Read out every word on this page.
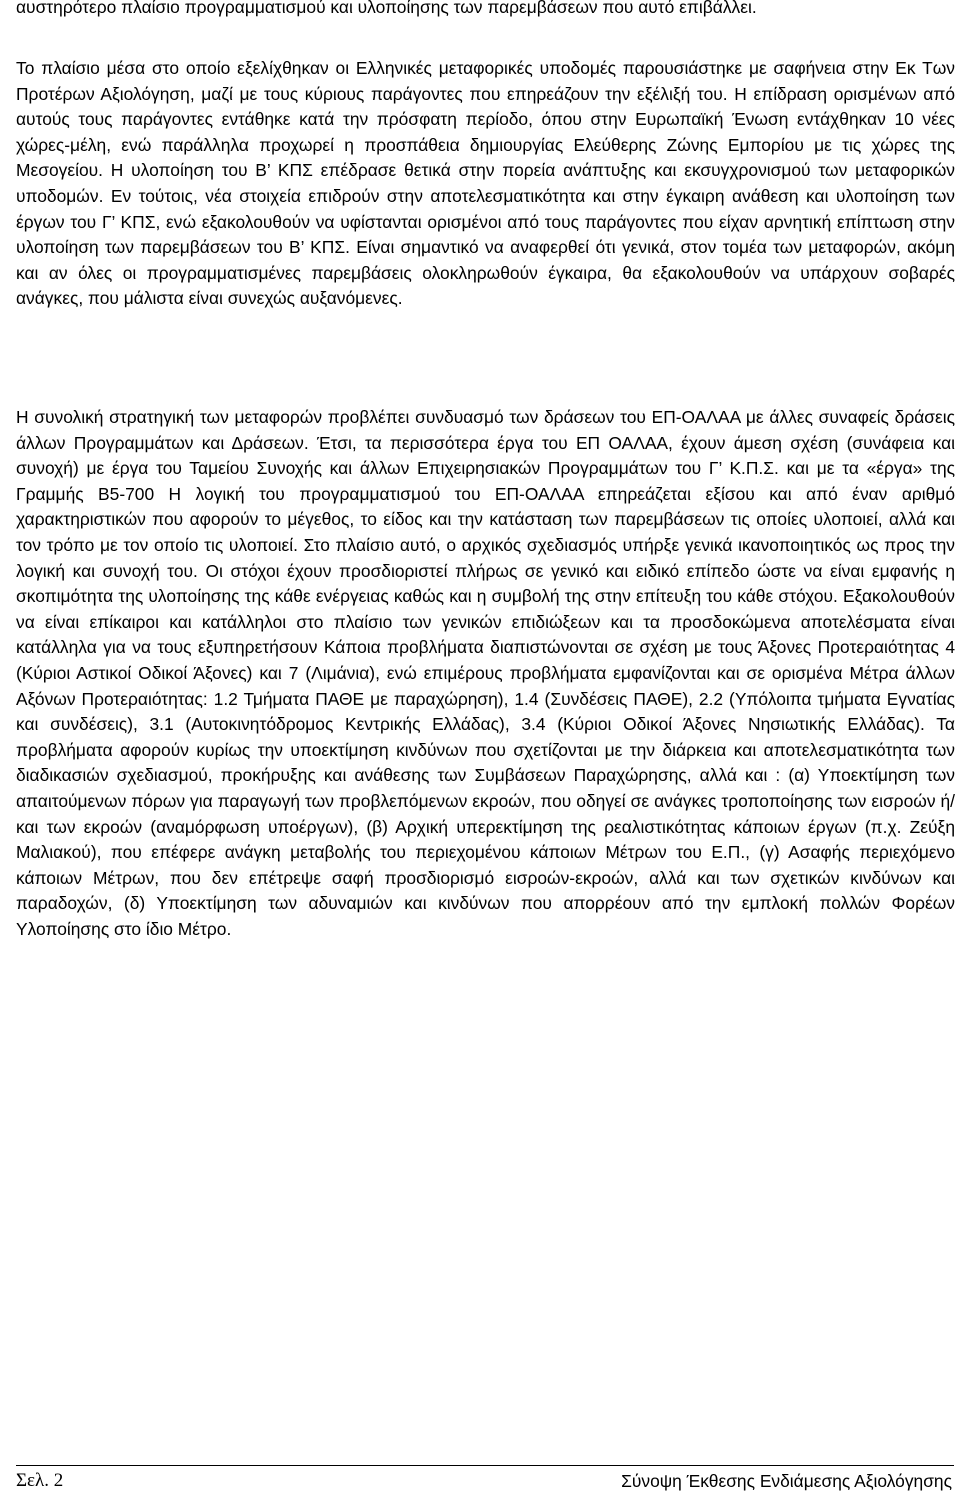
αυστηρότερο πλαίσιο προγραμματισμού και υλοποίησης των παρεμβάσεων που αυτό επιβάλλει.

Το πλαίσιο μέσα στο οποίο εξελίχθηκαν οι Ελληνικές μεταφορικές υποδομές παρουσιάστηκε με σαφήνεια στην Εκ Των Προτέρων Αξιολόγηση, μαζί με τους κύριους παράγοντες που επηρεάζουν την εξέλιξή του. Η επίδραση ορισμένων από αυτούς τους παράγοντες εντάθηκε κατά την πρόσφατη περίοδο, όπου στην Ευρωπαϊκή Ένωση εντάχθηκαν 10 νέες χώρες-μέλη, ενώ παράλληλα προχωρεί η προσπάθεια δημιουργίας Ελεύθερης Ζώνης Εμπορίου με τις χώρες της Μεσογείου. Η υλοποίηση του Β’ ΚΠΣ επέδρασε θετικά στην πορεία ανάπτυξης και εκσυγχρονισμού των μεταφορικών υποδομών. Εν τούτοις, νέα στοιχεία επιδρούν στην αποτελεσματικότητα και στην έγκαιρη ανάθεση και υλοποίηση των έργων του Γ’ ΚΠΣ, ενώ εξακολουθούν να υφίστανται ορισμένοι από τους παράγοντες που είχαν αρνητική επίπτωση στην υλοποίηση των παρεμβάσεων του Β’ ΚΠΣ. Είναι σημαντικό να αναφερθεί ότι γενικά, στον τομέα των μεταφορών, ακόμη και αν όλες οι προγραμματισμένες παρεμβάσεις ολοκληρωθούν έγκαιρα, θα εξακολουθούν να υπάρχουν σοβαρές ανάγκες, που μάλιστα είναι συνεχώς αυξανόμενες.

Η συνολική στρατηγική των μεταφορών προβλέπει συνδυασμό των δράσεων του ΕΠ-ΟΑΛΑΑ με άλλες συναφείς δράσεις άλλων Προγραμμάτων και Δράσεων. Έτσι, τα περισσότερα έργα του ΕΠ ΟΑΛΑΑ, έχουν άμεση σχέση (συνάφεια και συνοχή) με έργα του Ταμείου Συνοχής και άλλων Επιχειρησιακών Προγραμμάτων του Γ’ Κ.Π.Σ. και με τα «έργα» της Γραμμής Β5-700 Η λογική του προγραμματισμού του ΕΠ-ΟΑΛΑΑ επηρεάζεται εξίσου και από έναν αριθμό χαρακτηριστικών που αφορούν το μέγεθος, το είδος και την κατάσταση των παρεμβάσεων τις οποίες υλοποιεί, αλλά και τον τρόπο με τον οποίο τις υλοποιεί. Στο πλαίσιο αυτό, ο αρχικός σχεδιασμός υπήρξε γενικά ικανοποιητικός ως προς την λογική και συνοχή του. Οι στόχοι έχουν προσδιοριστεί πλήρως σε γενικό και ειδικό επίπεδο ώστε να είναι εμφανής η σκοπιμότητα της υλοποίησης της κάθε ενέργειας καθώς και η συμβολή της στην επίτευξη του κάθε στόχου. Εξακολουθούν να είναι επίκαιροι και κατάλληλοι στο πλαίσιο των γενικών επιδιώξεων και τα προσδοκώμενα αποτελέσματα είναι κατάλληλα για να τους εξυπηρετήσουν Κάποια προβλήματα διαπιστώνονται σε σχέση με τους Άξονες Προτεραιότητας 4 (Κύριοι Αστικοί Οδικοί Άξονες) και 7 (Λιμάνια), ενώ επιμέρους προβλήματα εμφανίζονται και σε ορισμένα Μέτρα άλλων Αξόνων Προτεραιότητας: 1.2 Τμήματα ΠΑΘΕ με παραχώρηση), 1.4 (Συνδέσεις ΠΑΘΕ), 2.2 (Υπόλοιπα τμήματα Εγνατίας και συνδέσεις), 3.1 (Αυτοκινητόδρομος Κεντρικής Ελλάδας), 3.4 (Κύριοι Οδικοί Άξονες Νησιωτικής Ελλάδας). Τα προβλήματα αφορούν κυρίως την υποεκτίμηση κινδύνων που σχετίζονται με την διάρκεια και αποτελεσματικότητα των διαδικασιών σχεδιασμού, προκήρυξης και ανάθεσης των Συμβάσεων Παραχώρησης, αλλά και : (α) Υποεκτίμηση των απαιτούμενων πόρων για παραγωγή των προβλεπόμενων εκροών, που οδηγεί σε ανάγκες τροποποίησης των εισροών ή/και των εκροών (αναμόρφωση υποέργων), (β) Αρχική υπερεκτίμηση της ρεαλιστικότητας κάποιων έργων (π.χ. Ζεύξη Μαλιακού), που επέφερε ανάγκη μεταβολής του περιεχομένου κάποιων Μέτρων του Ε.Π., (γ) Ασαφής περιεχόμενο κάποιων Μέτρων, που δεν επέτρεψε σαφή προσδιορισμό εισροών-εκροών, αλλά και των σχετικών κινδύνων και παραδοχών, (δ) Υποεκτίμηση των αδυναμιών και κινδύνων που απορρέουν από την εμπλοκή πολλών Φορέων Υλοποίησης στο ίδιο Μέτρο.

Σελ. 2	Σύνοψη Έκθεσης Ενδιάμεσης Αξιολόγησης
